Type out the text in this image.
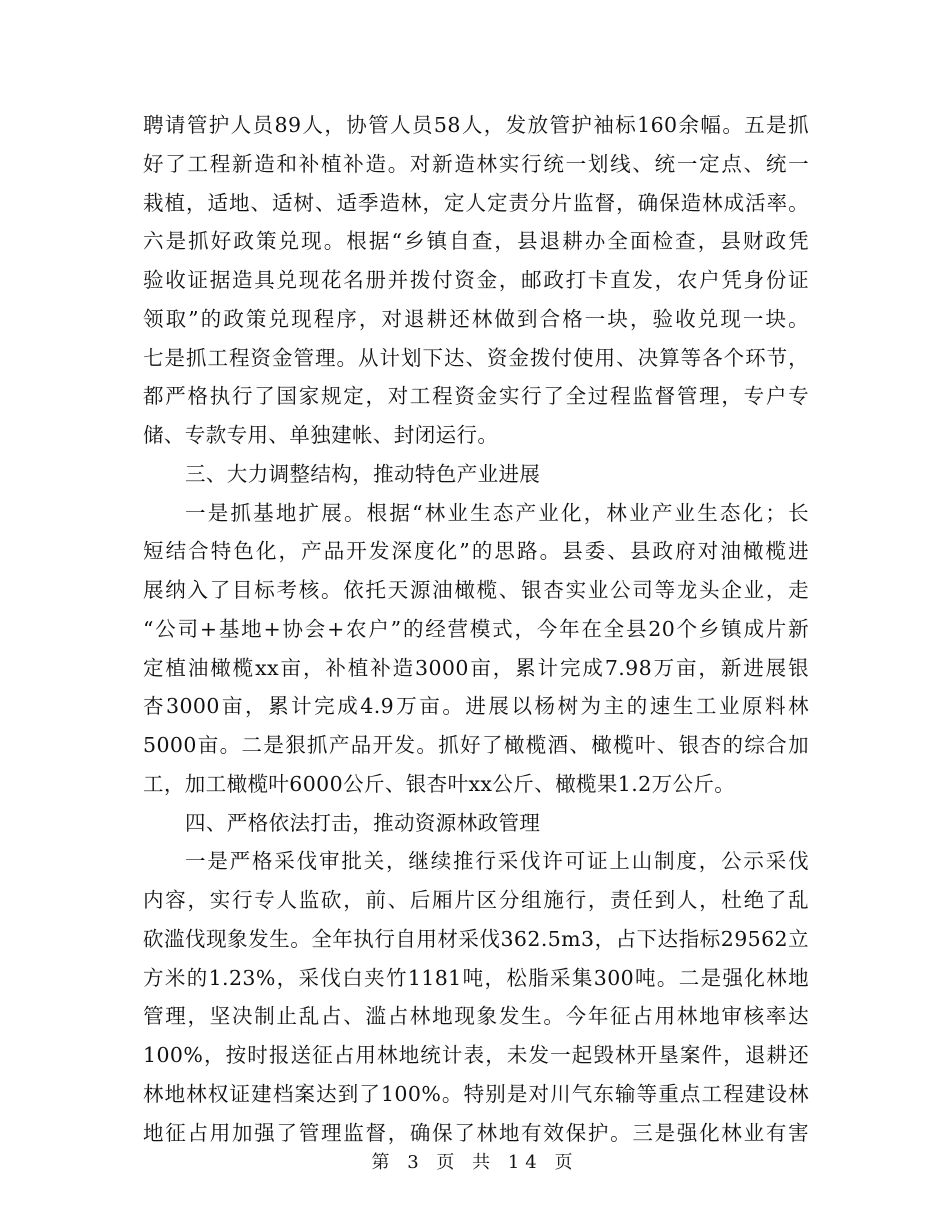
聘请管护人员89人，协管人员58人，发放管护袖标160余幅。五是抓
好了工程新造和补植补造。对新造林实行统一划线、统一定点、统一
栽植，适地、适树、适季造林，定人定责分片监督，确保造林成活率。
六是抓好政策兑现。根据“乡镇自查，县退耕办全面检查，县财政凭
验收证据造具兑现花名册并拨付资金，邮政打卡直发，农户凭身份证
领取”的政策兑现程序，对退耕还林做到合格一块，验收兑现一块。
七是抓工程资金管理。从计划下达、资金拨付使用、决算等各个环节，
都严格执行了国家规定，对工程资金实行了全过程监督管理，专户专
储、专款专用、单独建帐、封闭运行。
三、大力调整结构，推动特色产业进展
一是抓基地扩展。根据“林业生态产业化，林业产业生态化；长
短结合特色化，产品开发深度化”的思路。县委、县政府对油橄榄进
展纳入了目标考核。依托天源油橄榄、银杏实业公司等龙头企业，走
“公司+基地+协会+农户”的经营模式，今年在全县20个乡镇成片新
定植油橄榄xx亩，补植补造3000亩，累计完成7.98万亩，新进展银
杏3000亩，累计完成4.9万亩。进展以杨树为主的速生工业原料林
5000亩。二是狠抓产品开发。抓好了橄榄酒、橄榄叶、银杏的综合加
工，加工橄榄叶6000公斤、银杏叶xx公斤、橄榄果1.2万公斤。
四、严格依法打击，推动资源林政管理
一是严格采伐审批关，继续推行采伐许可证上山制度，公示采伐
内容，实行专人监砍，前、后厢片区分组施行，责任到人，杜绝了乱
砍滥伐现象发生。全年执行自用材采伐362.5m3，占下达指标29562立
方米的1.23%，采伐白夹竹1181吨，松脂采集300吨。二是强化林地
管理，坚决制止乱占、滥占林地现象发生。今年征占用林地审核率达
100%，按时报送征占用林地统计表，未发一起毁林开垦案件，退耕还
林地林权证建档案达到了100%。特别是对川气东输等重点工程建设林
地征占用加强了管理监督，确保了林地有效保护。三是强化林业有害
第 3 页 共 14 页
